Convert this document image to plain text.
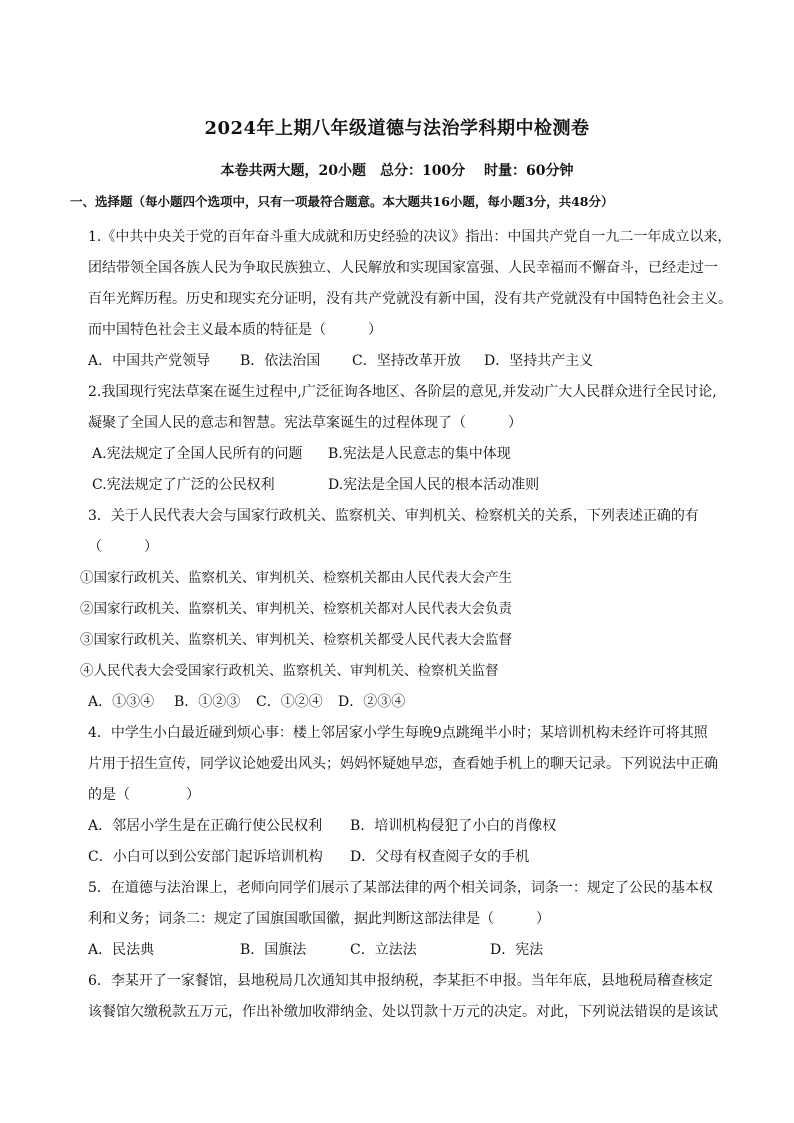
2024年上期八年级道德与法治学科期中检测卷
本卷共两大题，20小题　总分：100分　 时量：60分钟
一、选择题（每小题四个选项中，只有一项最符合题意。本大题共16小题，每小题3分，共48分）

1.《中共中央关于党的百年奋斗重大成就和历史经验的决议》指出：中国共产党自一九二一年成立以来，

团结带领全国各族人民为争取民族独立、人民解放和实现国家富强、人民幸福而不懈奋斗，已经走过一

百年光辉历程。历史和现实充分证明，没有共产党就没有新中国，没有共产党就没有中国特色社会主义。

而中国特色社会主义最本质的特征是（　　　）

A．中国共产党领导	B．依法治国	C．坚持改革开放	D．坚持共产主义

2.我国现行宪法草案在诞生过程中,广泛征询各地区、各阶层的意见,并发动广大人民群众进行全民讨论,

凝聚了全国人民的意志和智慧。宪法草案诞生的过程体现了（　　　）

A.宪法规定了全国人民所有的问题	B.宪法是人民意志的集中体现
C.宪法规定了广泛的公民权利	D.宪法是全国人民的根本活动准则

3．关于人民代表大会与国家行政机关、监察机关、审判机关、检察机关的关系，下列表述正确的有

（　　　）

①国家行政机关、监察机关、审判机关、检察机关都由人民代表大会产生

②国家行政机关、监察机关、审判机关、检察机关都对人民代表大会负责

③国家行政机关、监察机关、审判机关、检察机关都受人民代表大会监督

④人民代表大会受国家行政机关、监察机关、审判机关、检察机关监督

A．①③④	B．①②③	C．①②④	D．②③④

4．中学生小白最近碰到烦心事：楼上邻居家小学生每晚9点跳绳半小时；某培训机构未经许可将其照

片用于招生宣传，同学议论她爱出风头；妈妈怀疑她早恋，查看她手机上的聊天记录。下列说法中正确

的是（　　　　）

A．邻居小学生是在正确行使公民权利	B．培训机构侵犯了小白的肖像权
C．小白可以到公安部门起诉培训机构	D．父母有权查阅子女的手机

5．在道德与法治课上，老师向同学们展示了某部法律的两个相关词条，词条一：规定了公民的基本权

利和义务；词条二：规定了国旗国歌国徽，据此判断这部法律是（　　　）

A．民法典	B．国旗法	C．立法法	D．宪法

6．李某开了一家餐馆，县地税局几次通知其申报纳税，李某拒不申报。当年年底，县地税局稽查核定

该餐馆欠缴税款五万元，作出补缴加收滞纳金、处以罚款十万元的决定。对此，下列说法错误的是该试
